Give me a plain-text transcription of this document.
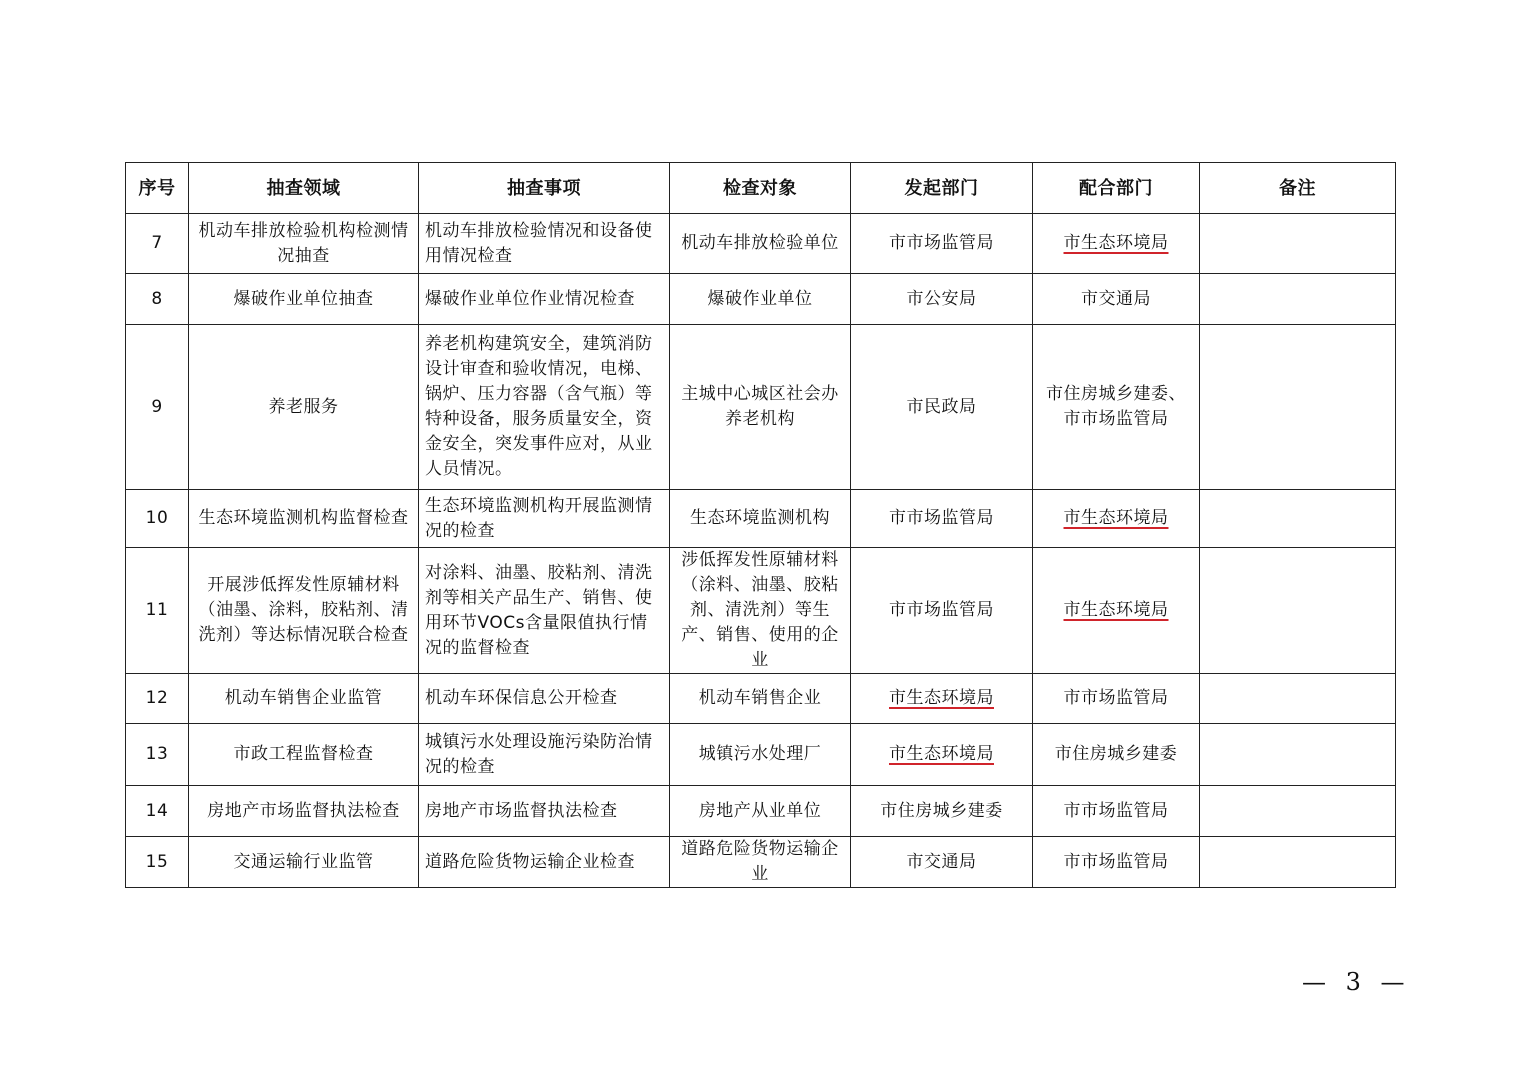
序号	抽查领域	抽查事项	检查对象	发起部门	配合部门	备注
7	机动车排放检验机构检测情况抽查	机动车排放检验情况和设备使用情况检查	机动车排放检验单位	市市场监管局	市生态环境局	
8	爆破作业单位抽查	爆破作业单位作业情况检查	爆破作业单位	市公安局	市交通局	
9	养老服务	养老机构建筑安全，建筑消防设计审查和验收情况，电梯、锅炉、压力容器（含气瓶）等特种设备，服务质量安全，资金安全，突发事件应对，从业人员情况。	主城中心城区社会办养老机构	市民政局	市住房城乡建委、市市场监管局	
10	生态环境监测机构监督检查	生态环境监测机构开展监测情况的检查	生态环境监测机构	市市场监管局	市生态环境局	
11	开展涉低挥发性原辅材料（油墨、涂料，胶粘剂、清洗剂）等达标情况联合检查	对涂料、油墨、胶粘剂、清洗剂等相关产品生产、销售、使用环节VOCs含量限值执行情况的监督检查	涉低挥发性原辅材料（涂料、油墨、胶粘剂、清洗剂）等生产、销售、使用的企业	市市场监管局	市生态环境局	
12	机动车销售企业监管	机动车环保信息公开检查	机动车销售企业	市生态环境局	市市场监管局	
13	市政工程监督检查	城镇污水处理设施污染防治情况的检查	城镇污水处理厂	市生态环境局	市住房城乡建委	
14	房地产市场监督执法检查	房地产市场监督执法检查	房地产从业单位	市住房城乡建委	市市场监管局	
15	交通运输行业监管	道路危险货物运输企业检查	道路危险货物运输企业	市交通局	市市场监管局	
— 3 —
